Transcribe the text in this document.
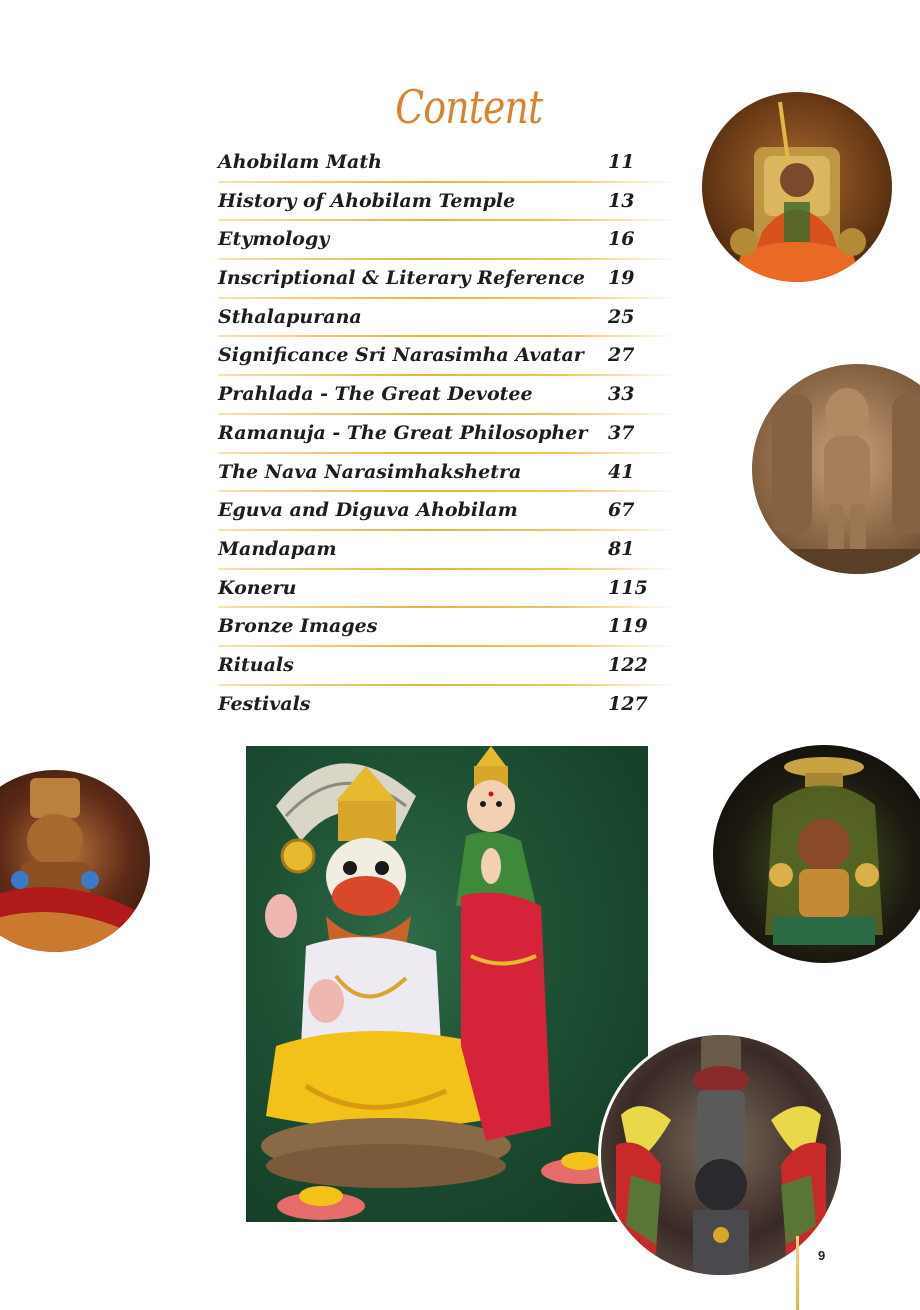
Content
Ahobilam Math	11
History of Ahobilam Temple	13
Etymology	16
Inscriptional & Literary Reference 19
Sthalapurana	25
Significance Sri Narasimha Avatar 27
Prahlada - The Great Devotee	33
Ramanuja - The Great Philosopher 37
The Nava Narasimhakshetra	41
Eguva and Diguva Ahobilam	67
Mandapam	81
Koneru	115
Bronze Images	119
Rituals	122
Festivals	127
9
